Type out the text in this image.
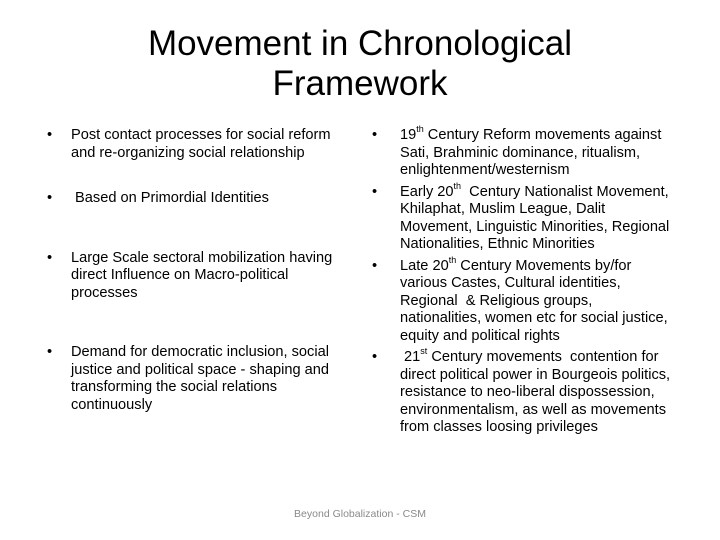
Movement in Chronological
Framework
• Post contact processes for social reform and re-organizing social relationship
•  Based on Primordial Identities
• Large Scale sectoral mobilization having direct Influence on Macro-political processes
• Demand for democratic inclusion, social justice and political space - shaping and transforming the social relations continuously
• 19th Century Reform movements against Sati, Brahminic dominance, ritualism, enlightenment/westernism
• Early 20th  Century Nationalist Movement,  Khilaphat, Muslim League, Dalit Movement, Linguistic Minorities, Regional Nationalities, Ethnic Minorities
• Late 20th Century Movements by/for various Castes, Cultural identities, Regional  & Religious groups, nationalities, women etc for social justice, equity and political rights
•  21st Century movements  contention for direct political power in Bourgeois politics, resistance to neo-liberal dispossession, environmentalism, as well as movements  from classes loosing privileges
Beyond Globalization - CSM
